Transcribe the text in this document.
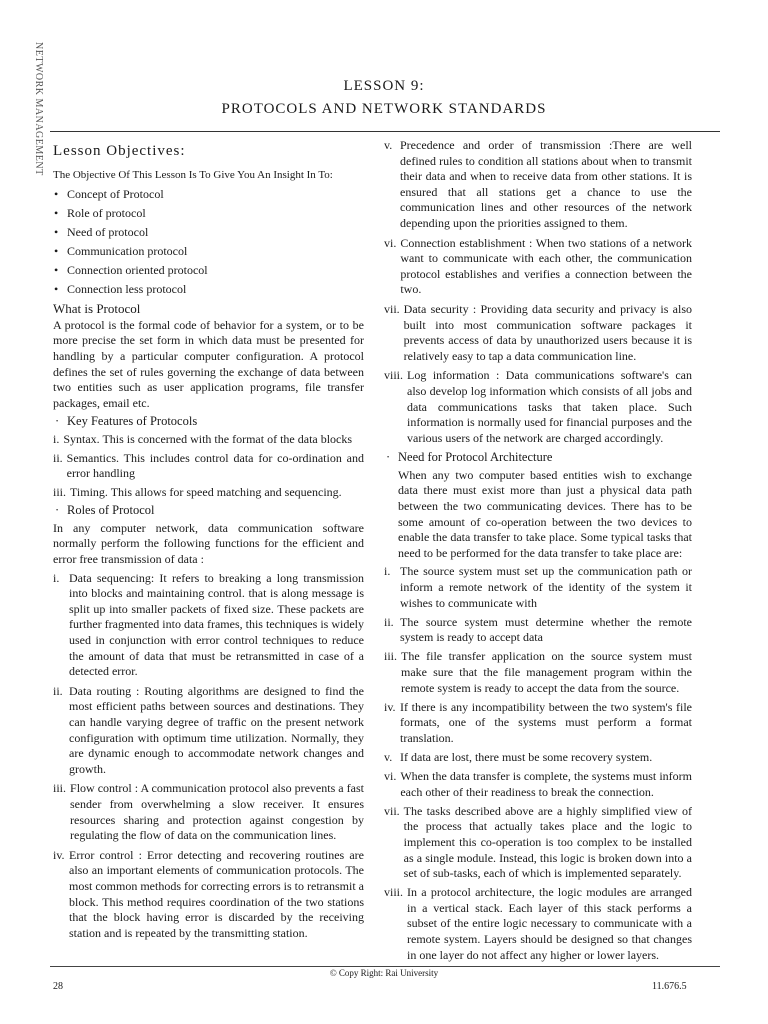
NETWORK MANAGEMENT	LESSON 9:
PROTOCOLS AND NETWORK STANDARDS
Lesson Objectives:
The Objective Of This Lesson Is To Give You An Insight In To:
• Concept of Protocol
• Role of protocol
• Need of protocol
• Communication protocol
• Connection oriented protocol
• Connection less protocol
What is Protocol

A protocol is the formal code of behavior for a system, or to be more precise the set form in which data must be presented for handling by a particular computer configuration. A protocol defines the set of rules governing the exchange of data between two entities such as user application programs, file transfer packages, email etc.

· Key Features of Protocols
i. Syntax. This is concerned with the format of the data blocks
ii. Semantics. This includes control data for co-ordination and error handling
iii. Timing. This allows for speed matching and sequencing.
· Roles of Protocol

In any computer network, data communication software normally perform the following functions for the efficient and error free transmission of data :

i. Data sequencing: It refers to breaking a long transmission into blocks and maintaining control. that is along message is split up into smaller packets of fixed size. These packets are further fragmented into data frames, this techniques is widely used in conjunction with error control techniques to reduce the amount of data that must be retransmitted in case of a detected error.
ii. Data routing : Routing algorithms are designed to find the most efficient paths between sources and destinations. They can handle varying degree of traffic on the present network configuration with optimum time utilization. Normally, they are dynamic enough to accommodate network changes and growth.
iii. Flow control : A communication protocol also prevents a fast sender from overwhelming a slow receiver. It ensures resources sharing and protection against congestion by regulating the flow of data on the communication lines.
iv. Error control : Error detecting and recovering routines are also an important elements of communication protocols. The most common methods for correcting errors is to retransmit a block. This method requires coordination of the two stations that the block having error is discarded by the receiving station and is repeated by the transmitting station.
v. Precedence and order of transmission :There are well defined rules to condition all stations about when to transmit their data and when to receive data from other stations. It is ensured that all stations get a chance to use the communication lines and other resources of the network depending upon the priorities assigned to them.
vi. Connection establishment : When two stations of a network want to communicate with each other, the communication protocol establishes and verifies a connection between the two.
vii. Data security : Providing data security and privacy is also built into most communication software packages it prevents access of data by unauthorized users because it is relatively easy to tap a data communication line.
viii. Log information : Data communications software's can also develop log information which consists of all jobs and data communications tasks that taken place. Such information is normally used for financial purposes and the various users of the network are charged accordingly.
· Need for Protocol Architecture

When any two computer based entities wish to exchange data there must exist more than just a physical data path between the two communicating devices. There has to be some amount of co-operation between the two devices to enable the data transfer to take place. Some typical tasks that need to be performed for the data transfer to take place are:

i. The source system must set up the communication path or inform a remote network of the identity of the system it wishes to communicate with
ii. The source system must determine whether the remote system is ready to accept data
iii. The file transfer application on the source system must make sure that the file management program within the remote system is ready to accept the data from the source.
iv. If there is any incompatibility between the two system's file formats, one of the systems must perform a format translation.
v. If data are lost, there must be some recovery system.
vi. When the data transfer is complete, the systems must inform each other of their readiness to break the connection.
vii. The tasks described above are a highly simplified view of the process that actually takes place and the logic to implement this co-operation is too complex to be installed as a single module. Instead, this logic is broken down into a set of sub-tasks, each of which is implemented separately.
viii. In a protocol architecture, the logic modules are arranged in a vertical stack. Each layer of this stack performs a subset of the entire logic necessary to communicate with a remote system. Layers should be designed so that changes in one layer do not affect any higher or lower layers.
© Copy Right: Rai University
28	11.676.5
